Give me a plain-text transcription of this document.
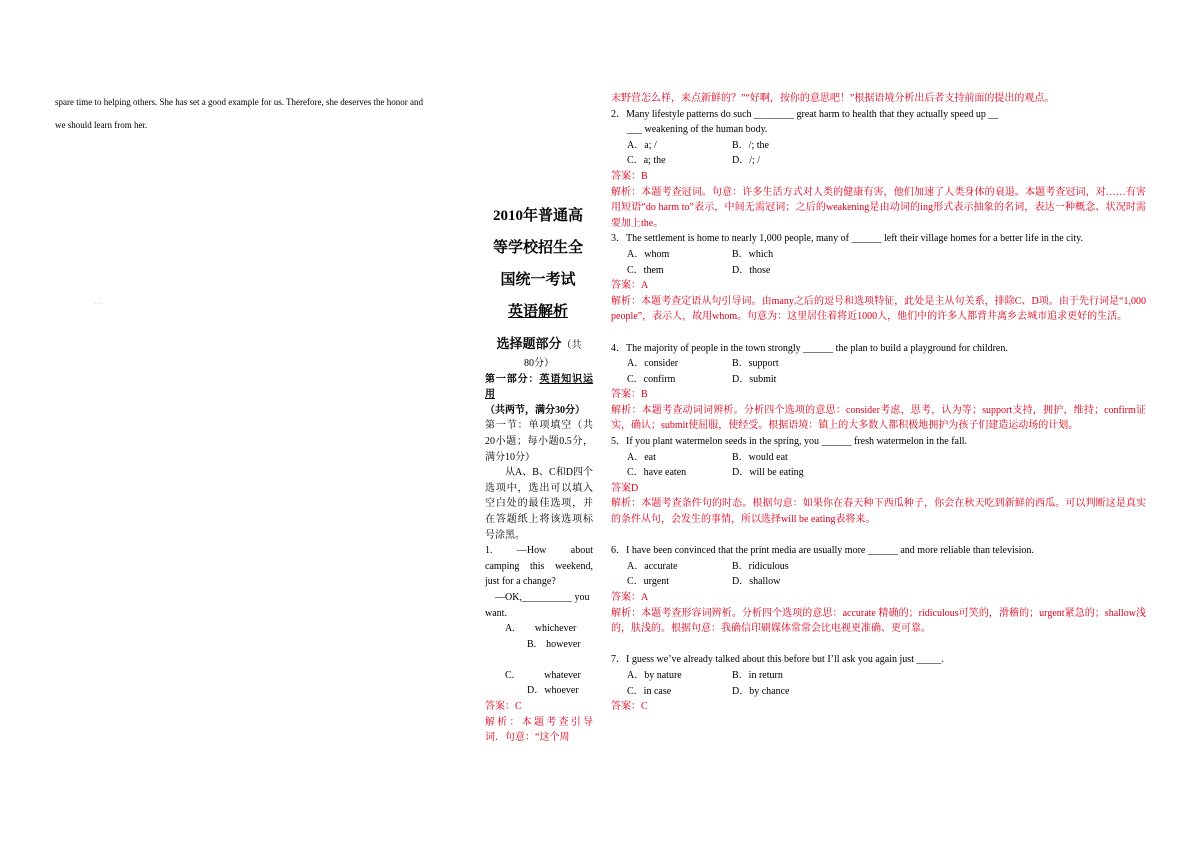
spare time to helping others. She has set a good example for us. Therefore, she deserves the honor and
we should learn from her.
. . .
2010年普通高
等学校招生全
国统一考试
英语解析
选择题部分（共
80分）
第一部分：英语知识运用（共两节，满分30分）
第一节：单项填空（共20小题；每小题0.5分，满分10分）
从A、B、C和D四个选项中，选出可以填入空白处的最佳选项，并在答题纸上将该选项标号涂黑。
1.　　—How　　about camping this weekend, just for a change?
—OK,__________ you want.
A.　　whichever
B.　however
C.　　　whatever
D．whoever
答案：C
解析：本题考查引导词．句意：“这个周
末野营怎么样，来点新鲜的？”“好啊，按你的意思吧！”根据语境分析出后者支持前面的提出的观点。
2．Many lifestyle patterns do such ________ great harm to health that they actually speed up __
___ weakening of the human body.
A．a; /	B．/; the
C．a; the	D．/; /
答案：B
解析：本题考查冠词。句意：许多生活方式对人类的健康有害，他们加速了人类身体的衰退。本题考查冠词，对……有害用短语“do harm to”表示，中间无需冠词；之后的weakening是由动词的ing形式表示抽象的名词，表达一种概念、状况时需要加上the。
3．The settlement is home to nearly 1,000 people, many of ______ left their village homes for a better life in the city.
A．whom	B．which
C．them	D．those
答案：A
解析：本题考查定语从句引导词。由many之后的逗号和选项特征，此处是主从句关系，排除C、D项。由于先行词是“1,000 people”，表示人，故用whom。句意为：这里居住着将近1000人，他们中的许多人都背井离乡去城市追求更好的生活。
4．The majority of people in the town strongly ______ the plan to build a playground for children.
A．consider	B．support
C．confirm	D．submit
答案：B
解析：本题考查动词词辨析。分析四个选项的意思：consider考虑，思考，认为等；support支持，拥护，维持；confirm证实，确认；submit使屈服，使经受。根据语境：镇上的大多数人都积极地拥护为孩子们建造运动场的计划。
5．If you plant watermelon seeds in the spring, you ______ fresh watermelon in the fall.
A．eat	B．would eat
C．have eaten	D．will be eating
答案D
解析：本题考查条件句的时态。根据句意：如果你在春天种下西瓜种子，你会在秋天吃到新鲜的西瓜。可以判断这是真实的条件从句，会发生的事情，所以选择will be eating表将来。
6．I have been convinced that the print media are usually more ______ and more reliable than television.
A．accurate	B．ridiculous
C．urgent	D．shallow
答案：A
解析：本题考查形容词辨析。分析四个选项的意思：accurate 精确的；ridiculous可笑的，滑稽的；urgent紧急的；shallow浅的，肤浅的。根据句意：我确信印刷媒体常常会比电视更准确、更可靠。
7．I guess we’ve already talked about this before but I’ll ask you again just _____.
A．by nature	B．in return
C．in case	D．by chance
答案：C
